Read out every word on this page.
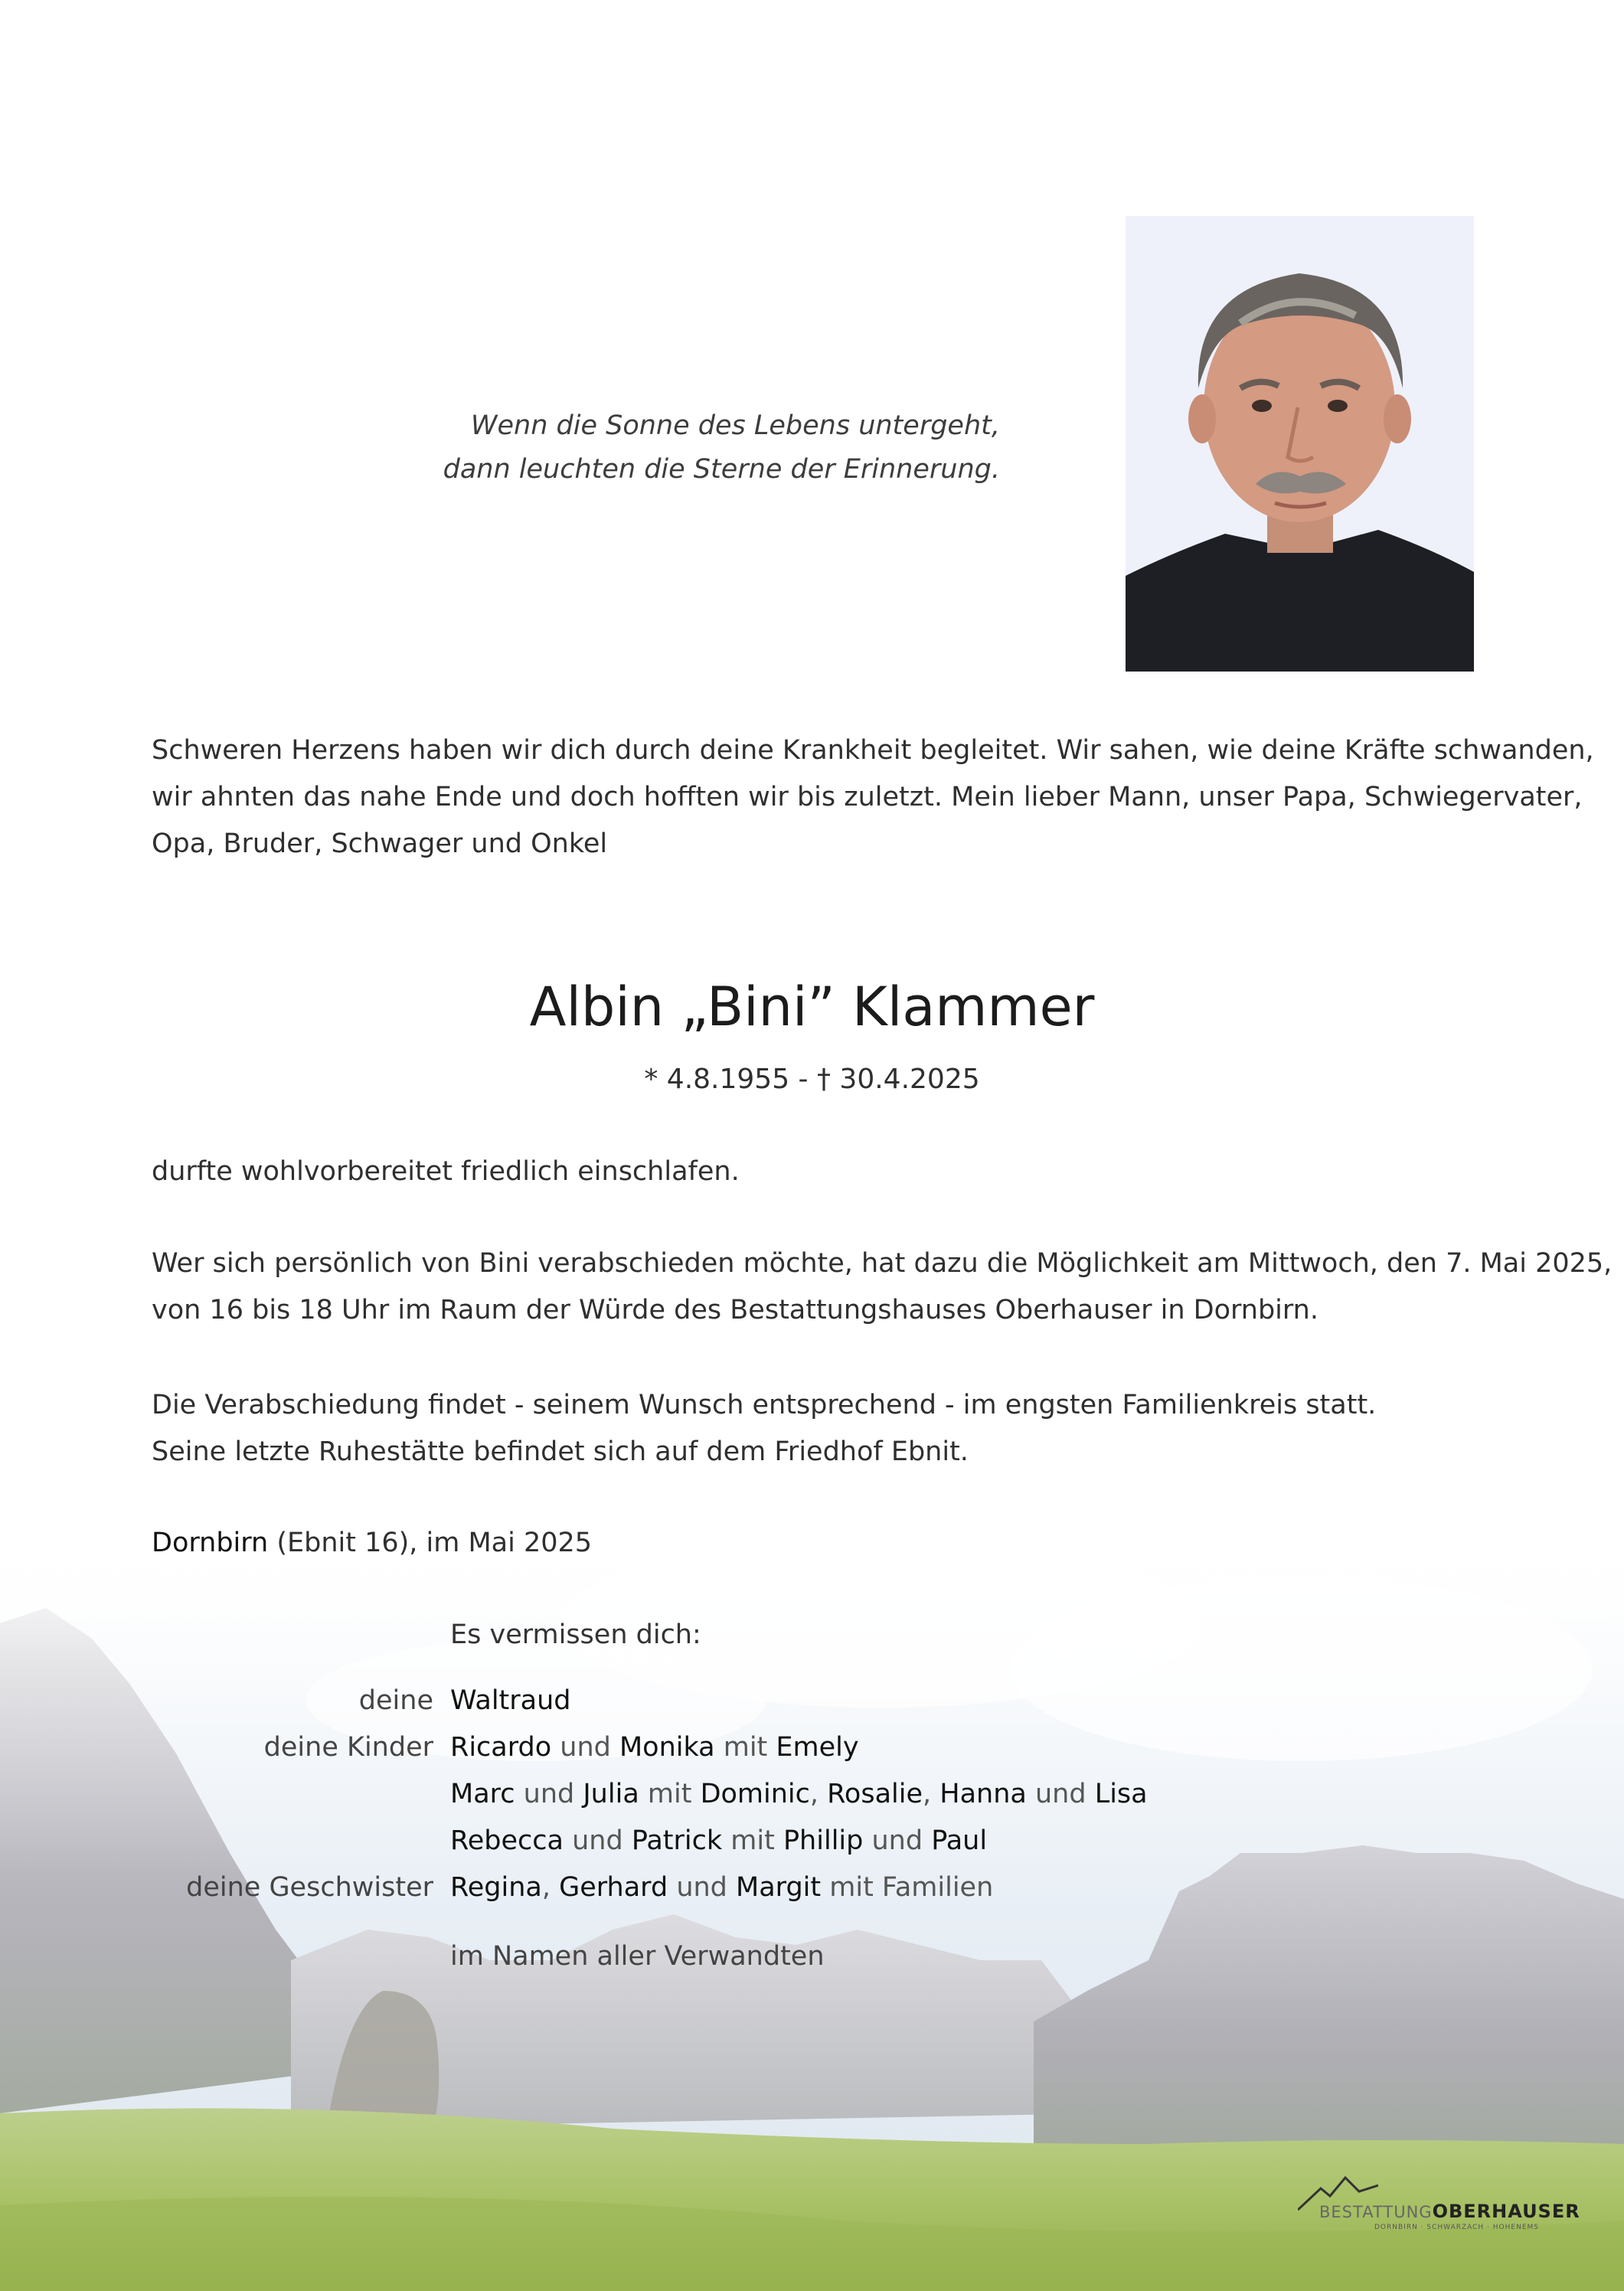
Wenn die Sonne des Lebens untergeht,
dann leuchten die Sterne der Erinnerung.
Schweren Herzens haben wir dich durch deine Krankheit begleitet. Wir sahen, wie deine Kräfte schwanden,
wir ahnten das nahe Ende und doch hofften wir bis zuletzt. Mein lieber Mann, unser Papa, Schwiegervater,
Opa, Bruder, Schwager und Onkel
Albin „Bini” Klammer
* 4.8.1955 - † 30.4.2025
durfte wohlvorbereitet friedlich einschlafen.
Wer sich persönlich von Bini verabschieden möchte, hat dazu die Möglichkeit am Mittwoch, den 7. Mai 2025,
von 16 bis 18 Uhr im Raum der Würde des Bestattungshauses Oberhauser in Dornbirn.
Die Verabschiedung findet - seinem Wunsch entsprechend - im engsten Familienkreis statt.
Seine letzte Ruhestätte befindet sich auf dem Friedhof Ebnit.
Dornbirn (Ebnit 16), im Mai 2025
Es vermissen dich:
deine Waltraud
deine Kinder Ricardo und Monika mit Emely
Marc und Julia mit Dominic, Rosalie, Hanna und Lisa
Rebecca und Patrick mit Phillip und Paul
deine Geschwister Regina, Gerhard und Margit mit Familien
im Namen aller Verwandten
BESTATTUNGOBERHAUSER
DORNBIRN · SCHWARZACH · HOHENEMS
